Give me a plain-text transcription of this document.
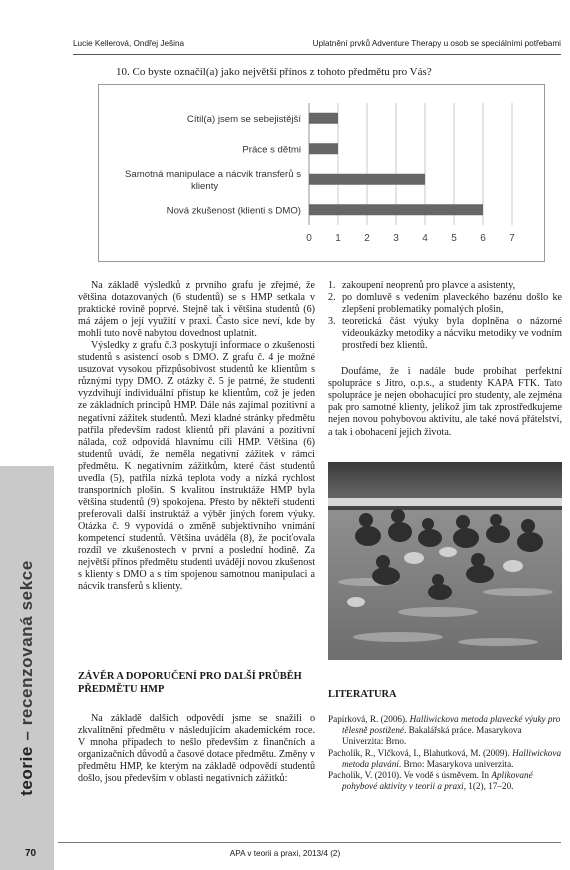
Lucie Kellerová, Ondřej Ješina	Uplatnění prvků Adventure Therapy u osob se speciálními potřebami
10. Co byste označil(a) jako největší přínos z tohoto předmětu pro Vás?
0 1 2 3 4 5 6 7
Cítil(a) jsem se sebejistější
Práce s dětmi
Samotná manipulace a nácvik transferů s
klienty
Nová zkušenost (klienti s DMO)

Na základě výsledků z prvního grafu je zřejmé, že většina dotazovaných (6 studentů) se s HMP setkala v praktické rovině poprvé. Stejně tak i většina studentů (6) má zájem o její využití v praxi. Často sice neví, kde by mohli tuto nově nabytou dovednost uplatnit.

Výsledky z grafu č.3 poskytují informace o zkušenosti studentů s asistencí osob s DMO. Z grafu č. 4 je možné usuzovat vysokou přizpůsobivost studentů ke klientům s různými typy DMO. Z otázky č. 5 je patrné, že studenti vyzdvihují individuální přístup ke klientům, což je jeden ze základních principů HMP. Dále nás zajímal pozitivní a negativní zážitek studentů. Mezi kladné stránky předmětu patřila především radost klientů při plavání a pozitivní nálada, což odpovídá hlavnímu cíli HMP. Většina (6) studentů uvádí, že neměla negativní zážitek v rámci předmětu. K negativním zážitkům, které část studentů uvedla (5), patřila nízká teplota vody a nízká rychlost transportních plošin. S kvalitou instruktáže HMP byla většina studentů (9) spokojena. Přesto by někteří studenti preferovali další instruktáž a výběr jiných forem výuky. Otázka č. 9 vypovídá o změně subjektivního vnímání kompetencí studentů. Většina uváděla (8), že pociťovala rozdíl ve zkušenostech v první a poslední hodině. Za největší přínos předmětu studenti uvádějí novou zkušenost s klienty s DMO a s tím spojenou samotnou manipulaci a nácvik transferů s klienty.

ZÁVĚR A DOPORUČENÍ PRO DALŠÍ PRŮBĚH
PŘEDMĚTU HMP

Na základě dalších odpovědí jsme se snažili o zkvalitnění předmětu v následujícím akademickém roce. V mnoha případech to nešlo především z finančních a organizačních důvodů a časové dotace předmětu. Změny v předmětu HMP, ke kterým na základě odpovědí studentů došlo, jsou především v oblasti negativních zážitků:

1. zakoupení neoprenů pro plavce a asistenty,
2. po domluvě s vedením plaveckého bazénu došlo ke zlepšení problematiky pomalých plošin,
3. teoretická část výuky byla doplněna o názorné videoukázky metodiky a nácviku metodiky ve vodním prostředí bez klientů.

Doufáme, že i nadále bude probíhat perfektní spolupráce s Jitro, o.p.s., a studenty KAPA FTK. Tato spolupráce je nejen obohacující pro studenty, ale zejména pak pro samotné klienty, jelikož jim tak zprostředkujeme nejen novou pohybovou aktivitu, ale také nová přátelství, a tak i obohacení jejich života.

LITERATURA

Papírková, R. (2006). Halliwickova metoda plavecké výuky pro tělesně postižené. Bakalářská práce. Masarykova Univerzita: Brno.

Pacholík, R., Vlčková, I., Blahutková, M. (2009). Halliwickova metoda plavání. Brno: Masarykova univerzita.

Pacholík, V. (2010). Ve vodě s úsměvem. In Aplikované pohybové aktivity v teorii a praxi, 1(2), 17–20.

teorie – recenzovaná sekce
70	APA v teorii a praxi, 2013/4 (2)
